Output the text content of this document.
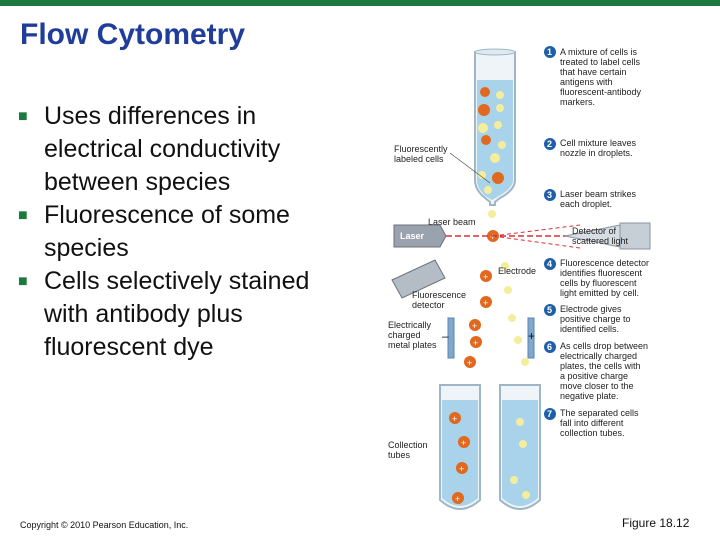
Flow Cytometry
■ Uses differences in electrical conductivity between species
■ Fluorescence of some species
■ Cells selectively stained with antibody plus fluorescent dye
Copyright © 2010 Pearson Education, Inc.	Figure 18.12
+
+
+
+
+
+
–	+
+
+
+
+
Fluorescently
labeled cells
Laser beam
Laser
Electrode
Fluorescence
detector
Electrically
charged
metal plates
Collection
tubes
Detector of
scattered light
1 A mixture of cells is treated to label cells that have certain antigens with fluorescent-antibody markers.
2 Cell mixture leaves nozzle in droplets.
3 Laser beam strikes each droplet.
4 Fluorescence detector identifies fluorescent cells by fluorescent light emitted by cell.
5 Electrode gives positive charge to identified cells.
6 As cells drop between electrically charged plates, the cells with a positive charge move closer to the negative plate.
7 The separated cells fall into different collection tubes.
